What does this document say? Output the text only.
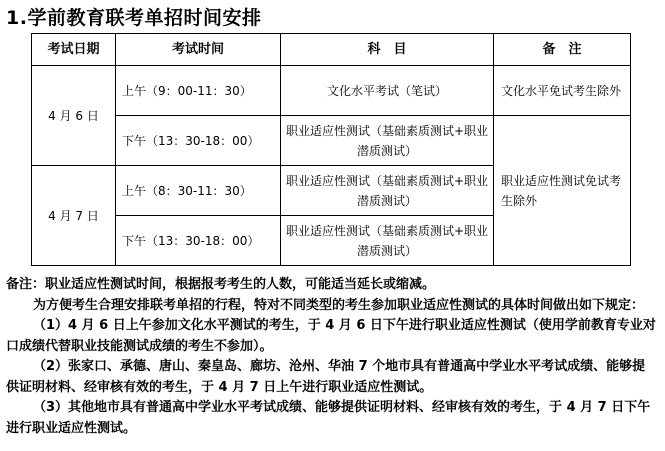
1.学前教育联考单招时间安排
考试日期	考试时间	科　目	备　注
4 月 6 日	上午（9：00-11：30）	文化水平考试（笔试）	文化水平免试考生除外
	下午（13：30-18：00）	职业适应性测试（基础素质测试+职业潜质测试）	职业适应性测试免试考生除外
4 月 7 日	上午（8：30-11：30）	职业适应性测试（基础素质测试+职业潜质测试）	
	下午（13：30-18：00）	职业适应性测试（基础素质测试+职业潜质测试）	

备注：职业适应性测试时间，根据报考考生的人数，可能适当延长或缩减。

为方便考生合理安排联考单招的行程，特对不同类型的考生参加职业适应性测试的具体时间做出如下规定：

（1）4 月 6 日上午参加文化水平测试的考生，于 4 月 6 日下午进行职业适应性测试（使用学前教育专业对口成绩代替职业技能测试成绩的考生不参加）。

（2）张家口、承德、唐山、秦皇岛、廊坊、沧州、华油 7 个地市具有普通高中学业水平考试成绩、能够提供证明材料、经审核有效的考生，于 4 月 7 日上午进行职业适应性测试。

（3）其他地市具有普通高中学业水平考试成绩、能够提供证明材料、经审核有效的考生，于 4 月 7 日下午进行职业适应性测试。
